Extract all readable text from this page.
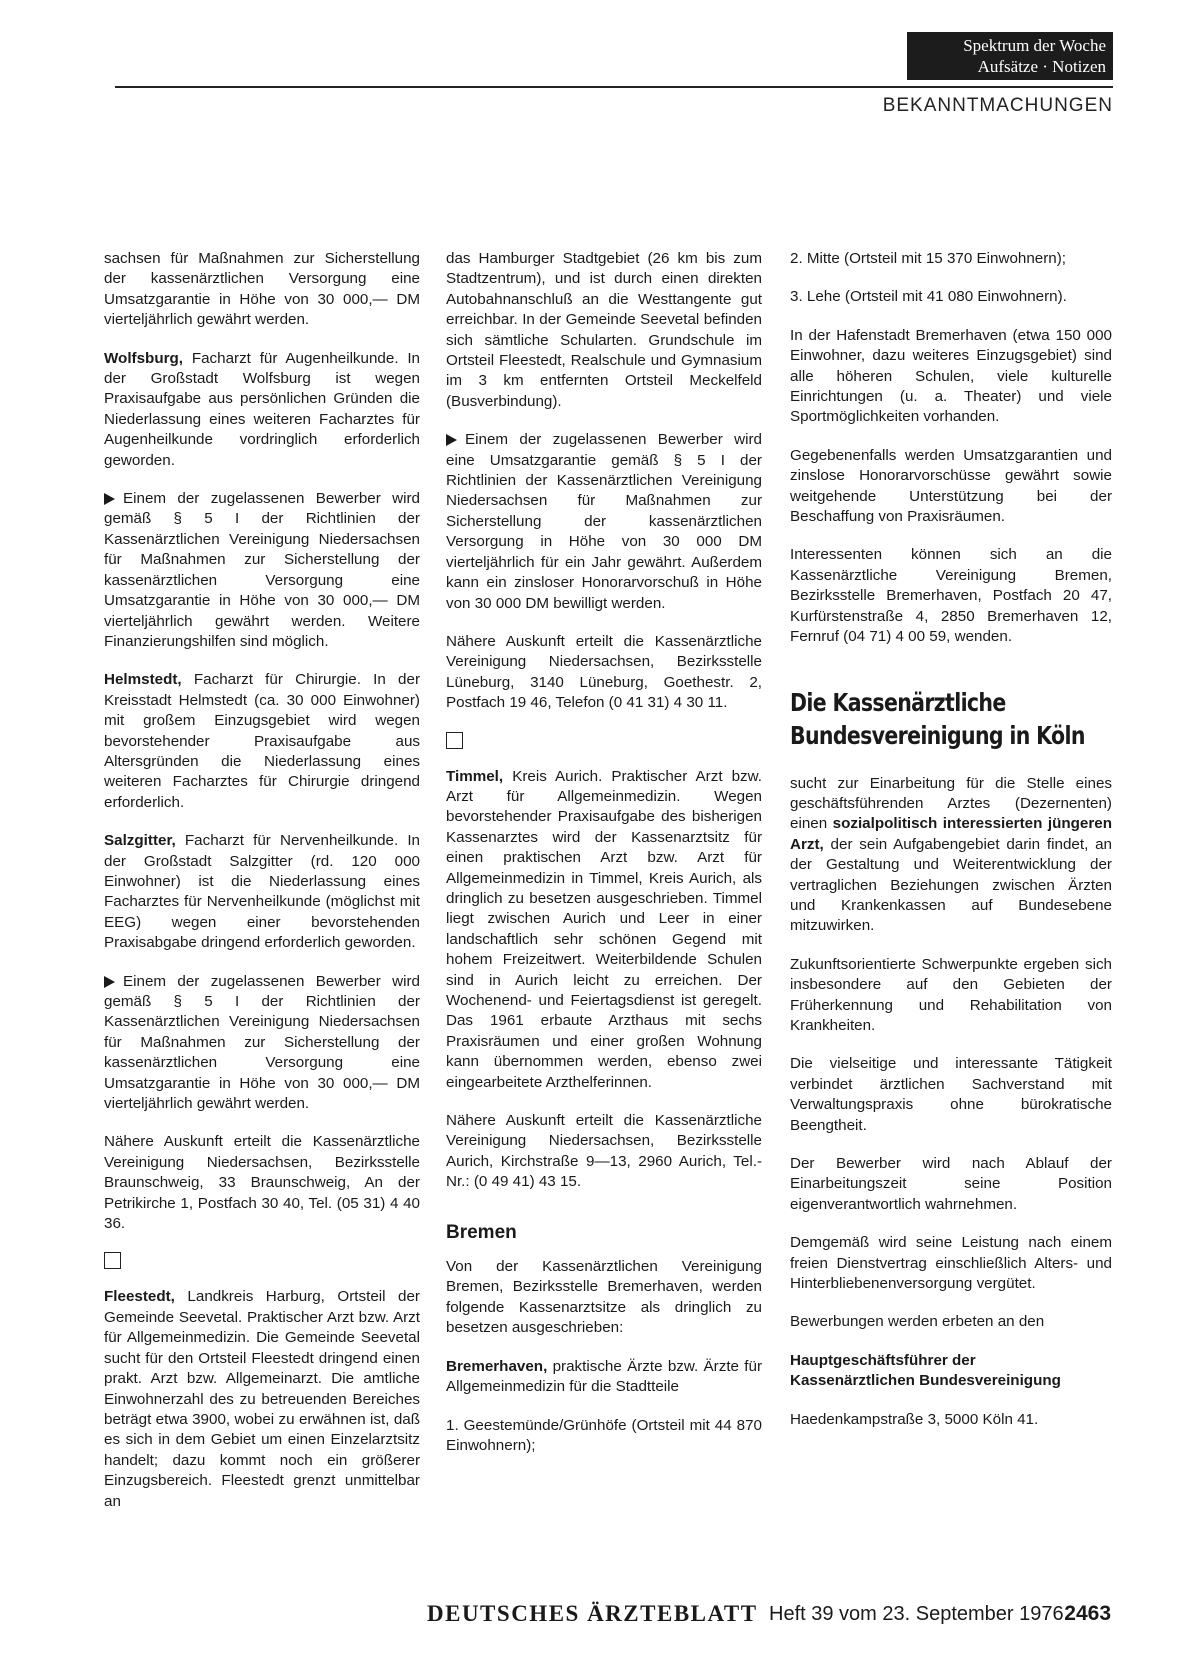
Spektrum der Woche
Aufsätze · Notizen
BEKANNTMACHUNGEN

sachsen für Maßnahmen zur Sicherstellung der kassenärztlichen Versorgung eine Umsatzgarantie in Höhe von 30 000,— DM vierteljährlich gewährt werden.

Wolfsburg, Facharzt für Augenheilkunde. In der Großstadt Wolfsburg ist wegen Praxisaufgabe aus persönlichen Gründen die Niederlassung eines weiteren Facharztes für Augenheilkunde vordringlich erforderlich geworden.

Einem der zugelassenen Bewerber wird gemäß § 5 I der Richtlinien der Kassenärztlichen Vereinigung Niedersachsen für Maßnahmen zur Sicherstellung der kassenärztlichen Versorgung eine Umsatzgarantie in Höhe von 30 000,— DM vierteljährlich gewährt werden. Weitere Finanzierungshilfen sind möglich.

Helmstedt, Facharzt für Chirurgie. In der Kreisstadt Helmstedt (ca. 30 000 Einwohner) mit großem Einzugsgebiet wird wegen bevorstehender Praxisaufgabe aus Altersgründen die Niederlassung eines weiteren Facharztes für Chirurgie dringend erforderlich.

Salzgitter, Facharzt für Nervenheilkunde. In der Großstadt Salzgitter (rd. 120 000 Einwohner) ist die Niederlassung eines Facharztes für Nervenheilkunde (möglichst mit EEG) wegen einer bevorstehenden Praxisabgabe dringend erforderlich geworden.

Einem der zugelassenen Bewerber wird gemäß § 5 I der Richtlinien der Kassenärztlichen Vereinigung Niedersachsen für Maßnahmen zur Sicherstellung der kassenärztlichen Versorgung eine Umsatzgarantie in Höhe von 30 000,— DM vierteljährlich gewährt werden.

Nähere Auskunft erteilt die Kassenärztliche Vereinigung Niedersachsen, Bezirksstelle Braunschweig, 33 Braunschweig, An der Petrikirche 1, Postfach 30 40, Tel. (05 31) 4 40 36.

Fleestedt, Landkreis Harburg, Ortsteil der Gemeinde Seevetal. Praktischer Arzt bzw. Arzt für Allgemeinmedizin. Die Gemeinde Seevetal sucht für den Ortsteil Fleestedt dringend einen prakt. Arzt bzw. Allgemeinarzt. Die amtliche Einwohnerzahl des zu betreuenden Bereiches beträgt etwa 3900, wobei zu erwähnen ist, daß es sich in dem Gebiet um einen Einzelarztsitz handelt; dazu kommt noch ein größerer Einzugsbereich. Fleestedt grenzt unmittelbar an

das Hamburger Stadtgebiet (26 km bis zum Stadtzentrum), und ist durch einen direkten Autobahnanschluß an die Westtangente gut erreichbar. In der Gemeinde Seevetal befinden sich sämtliche Schularten. Grundschule im Ortsteil Fleestedt, Realschule und Gymnasium im 3 km entfernten Ortsteil Meckelfeld (Busverbindung).

Einem der zugelassenen Bewerber wird eine Umsatzgarantie gemäß § 5 I der Richtlinien der Kassenärztlichen Vereinigung Niedersachsen für Maßnahmen zur Sicherstellung der kassenärztlichen Versorgung in Höhe von 30 000 DM vierteljährlich für ein Jahr gewährt. Außerdem kann ein zinsloser Honorarvorschuß in Höhe von 30 000 DM bewilligt werden.

Nähere Auskunft erteilt die Kassenärztliche Vereinigung Niedersachsen, Bezirksstelle Lüneburg, 3140 Lüneburg, Goethestr. 2, Postfach 19 46, Telefon (0 41 31) 4 30 11.

Timmel, Kreis Aurich. Praktischer Arzt bzw. Arzt für Allgemeinmedizin. Wegen bevorstehender Praxisaufgabe des bisherigen Kassenarztes wird der Kassenarztsitz für einen praktischen Arzt bzw. Arzt für Allgemeinmedizin in Timmel, Kreis Aurich, als dringlich zu besetzen ausgeschrieben. Timmel liegt zwischen Aurich und Leer in einer landschaftlich sehr schönen Gegend mit hohem Freizeitwert. Weiterbildende Schulen sind in Aurich leicht zu erreichen. Der Wochenend- und Feiertagsdienst ist geregelt. Das 1961 erbaute Arzthaus mit sechs Praxisräumen und einer großen Wohnung kann übernommen werden, ebenso zwei eingearbeitete Arzthelferinnen.

Nähere Auskunft erteilt die Kassenärztliche Vereinigung Niedersachsen, Bezirksstelle Aurich, Kirchstraße 9—13, 2960 Aurich, Tel.-Nr.: (0 49 41) 43 15.

Bremen

Von der Kassenärztlichen Vereinigung Bremen, Bezirksstelle Bremerhaven, werden folgende Kassenarztsitze als dringlich zu besetzen ausgeschrieben:

Bremerhaven, praktische Ärzte bzw. Ärzte für Allgemeinmedizin für die Stadtteile

1. Geestemünde/Grünhöfe (Ortsteil mit 44 870 Einwohnern);

2. Mitte (Ortsteil mit 15 370 Einwohnern);

3. Lehe (Ortsteil mit 41 080 Einwohnern).

In der Hafenstadt Bremerhaven (etwa 150 000 Einwohner, dazu weiteres Einzugsgebiet) sind alle höheren Schulen, viele kulturelle Einrichtungen (u. a. Theater) und viele Sportmöglichkeiten vorhanden.

Gegebenenfalls werden Umsatzgarantien und zinslose Honorarvorschüsse gewährt sowie weitgehende Unterstützung bei der Beschaffung von Praxisräumen.

Interessenten können sich an die Kassenärztliche Vereinigung Bremen, Bezirksstelle Bremerhaven, Postfach 20 47, Kurfürstenstraße 4, 2850 Bremerhaven 12, Fernruf (04 71) 4 00 59, wenden.

Die Kassenärztliche
Bundesvereinigung in Köln

sucht zur Einarbeitung für die Stelle eines geschäftsführenden Arztes (Dezernenten) einen sozialpolitisch interessierten jüngeren Arzt, der sein Aufgabengebiet darin findet, an der Gestaltung und Weiterentwicklung der vertraglichen Beziehungen zwischen Ärzten und Krankenkassen auf Bundesebene mitzuwirken.

Zukunftsorientierte Schwerpunkte ergeben sich insbesondere auf den Gebieten der Früherkennung und Rehabilitation von Krankheiten.

Die vielseitige und interessante Tätigkeit verbindet ärztlichen Sachverstand mit Verwaltungspraxis ohne bürokratische Beengtheit.

Der Bewerber wird nach Ablauf der Einarbeitungszeit seine Position eigenverantwortlich wahrnehmen.

Demgemäß wird seine Leistung nach einem freien Dienstvertrag einschließlich Alters- und Hinterbliebenenversorgung vergütet.

Bewerbungen werden erbeten an den

Hauptgeschäftsführer der
Kassenärztlichen Bundesvereinigung

Haedenkampstraße 3, 5000 Köln 41.

DEUTSCHES ÄRZTEBLATT Heft 39 vom 23. September 1976 2463
